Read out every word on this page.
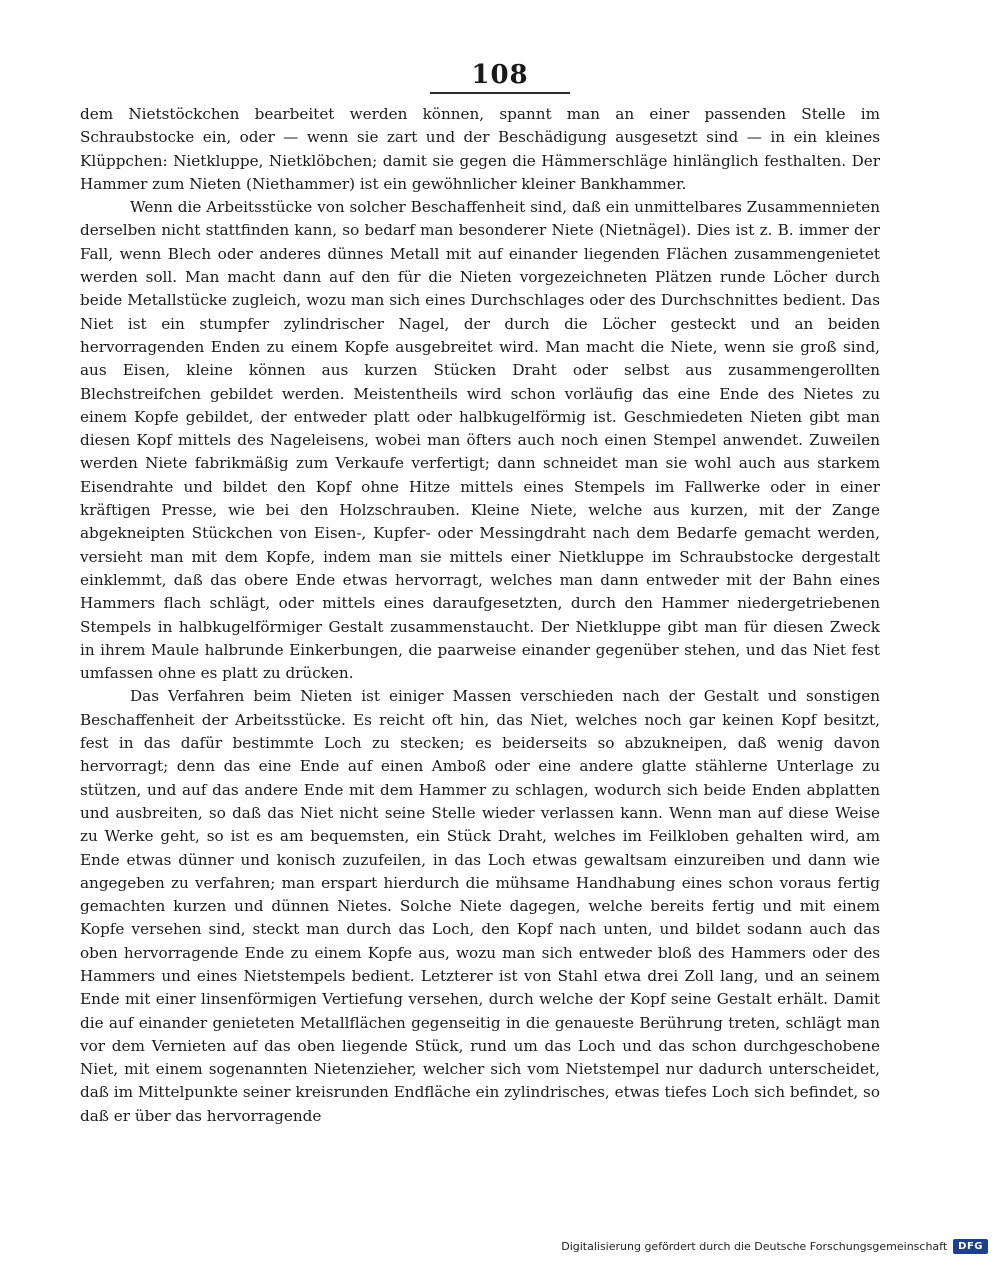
108

dem Nietstöckchen bearbeitet werden können, spannt man an einer passenden Stelle im Schraubstocke ein, oder — wenn sie zart und der Beschädigung ausgesetzt sind — in ein kleines Klüppchen: Nietkluppe, Nietklöbchen; damit sie gegen die Hämmerschläge hinlänglich festhalten. Der Hammer zum Nieten (Niethammer) ist ein gewöhnlicher kleiner Bankhammer.

Wenn die Arbeitsstücke von solcher Beschaffenheit sind, daß ein unmittelbares Zusammennieten derselben nicht stattfinden kann, so bedarf man besonderer Niete (Nietnägel). Dies ist z. B. immer der Fall, wenn Blech oder anderes dünnes Metall mit auf einander liegenden Flächen zusammengenietet werden soll. Man macht dann auf den für die Nieten vorgezeichneten Plätzen runde Löcher durch beide Metallstücke zugleich, wozu man sich eines Durchschlages oder des Durchschnittes bedient. Das Niet ist ein stumpfer zylindrischer Nagel, der durch die Löcher gesteckt und an beiden hervorragenden Enden zu einem Kopfe ausgebreitet wird. Man macht die Niete, wenn sie groß sind, aus Eisen, kleine können aus kurzen Stücken Draht oder selbst aus zusammengerollten Blechstreifchen gebildet werden. Meistentheils wird schon vorläufig das eine Ende des Nietes zu einem Kopfe gebildet, der entweder platt oder halbkugelförmig ist. Geschmiedeten Nieten gibt man diesen Kopf mittels des Nageleisens, wobei man öfters auch noch einen Stempel anwendet. Zuweilen werden Niete fabrikmäßig zum Verkaufe verfertigt; dann schneidet man sie wohl auch aus starkem Eisendrahte und bildet den Kopf ohne Hitze mittels eines Stempels im Fallwerke oder in einer kräftigen Presse, wie bei den Holzschrauben. Kleine Niete, welche aus kurzen, mit der Zange abgekneipten Stückchen von Eisen-, Kupfer- oder Messingdraht nach dem Bedarfe gemacht werden, versieht man mit dem Kopfe, indem man sie mittels einer Nietkluppe im Schraubstocke dergestalt einklemmt, daß das obere Ende etwas hervorragt, welches man dann entweder mit der Bahn eines Hammers flach schlägt, oder mittels eines daraufgesetzten, durch den Hammer niedergetriebenen Stempels in halbkugelförmiger Gestalt zusammenstaucht. Der Nietkluppe gibt man für diesen Zweck in ihrem Maule halbrunde Einkerbungen, die paarweise einander gegenüber stehen, und das Niet fest umfassen ohne es platt zu drücken.

Das Verfahren beim Nieten ist einiger Massen verschieden nach der Gestalt und sonstigen Beschaffenheit der Arbeitsstücke. Es reicht oft hin, das Niet, welches noch gar keinen Kopf besitzt, fest in das dafür bestimmte Loch zu stecken; es beiderseits so abzukneipen, daß wenig davon hervorragt; denn das eine Ende auf einen Amboß oder eine andere glatte stählerne Unterlage zu stützen, und auf das andere Ende mit dem Hammer zu schlagen, wodurch sich beide Enden abplatten und ausbreiten, so daß das Niet nicht seine Stelle wieder verlassen kann. Wenn man auf diese Weise zu Werke geht, so ist es am bequemsten, ein Stück Draht, welches im Feilkloben gehalten wird, am Ende etwas dünner und konisch zuzufeilen, in das Loch etwas gewaltsam einzureiben und dann wie angegeben zu verfahren; man erspart hierdurch die mühsame Handhabung eines schon voraus fertig gemachten kurzen und dünnen Nietes. Solche Niete dagegen, welche bereits fertig und mit einem Kopfe versehen sind, steckt man durch das Loch, den Kopf nach unten, und bildet sodann auch das oben hervorragende Ende zu einem Kopfe aus, wozu man sich entweder bloß des Hammers oder des Hammers und eines Nietstempels bedient. Letzterer ist von Stahl etwa drei Zoll lang, und an seinem Ende mit einer linsenförmigen Vertiefung versehen, durch welche der Kopf seine Gestalt erhält. Damit die auf einander genieteten Metallflächen gegenseitig in die genaueste Berührung treten, schlägt man vor dem Vernieten auf das oben liegende Stück, rund um das Loch und das schon durchgeschobene Niet, mit einem sogenannten Nietenzieher, welcher sich vom Nietstempel nur dadurch unterscheidet, daß im Mittelpunkte seiner kreisrunden Endfläche ein zylindrisches, etwas tiefes Loch sich befindet, so daß er über das hervorragende

Digitalisierung gefördert durch die Deutsche Forschungsgemeinschaft	DFG
